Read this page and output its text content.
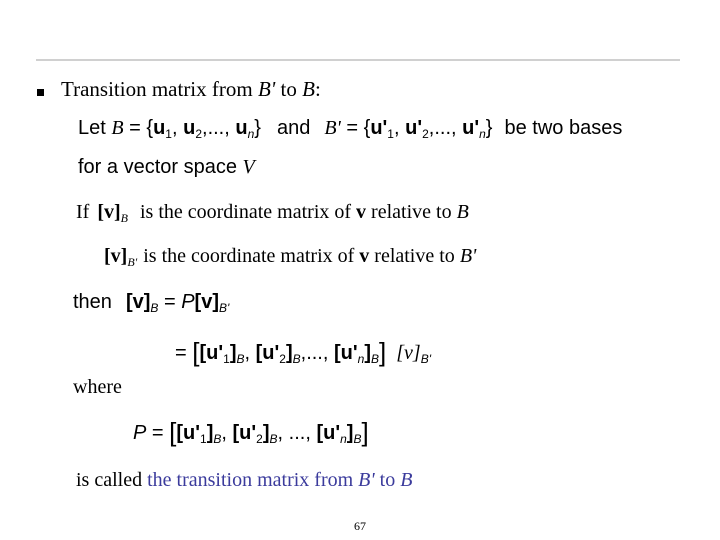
Transition matrix from B' to B:
Let $B = \{u_1$, $u_2$,..., $u_n$} and $B' = \{u'_1$, $u'_2$,..., $u'_n$} be two bases
for a vector space V
If $[v]_B$ is the coordinate matrix of v relative to B
$[v]_{B'}$ is the coordinate matrix of v relative to B'
then $[v]_B = P[v]_{B'}$
= [$[u'_1]_B$, $[u'_2]_B$,..., $[u'_n]_B$] $[v]_{B'}$
where
$P = [[u'_1]_B$, $[u'_2]_B$, ..., $[u'_n]_B$]
is called the transition matrix from B' to B
67
